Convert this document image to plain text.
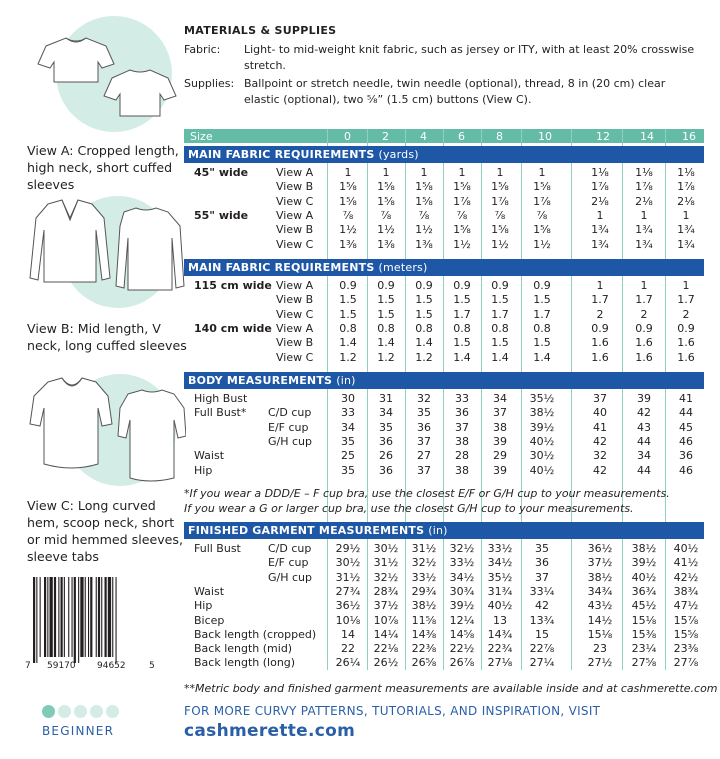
View A: Cropped length, high neck, short cuffed sleeves
View B: Mid length, V neck, long cuffed sleeves
View C: Long curved hem, scoop neck, short or mid hemmed sleeves, sleeve tabs
7 59170 94652	5
BEGINNER
MATERIALS & SUPPLIES
Fabric: Light- to mid-weight knit fabric, such as jersey or ITY, with at least 20% crosswise stretch.
Supplies: Ballpoint or stretch needle, twin needle (optional), thread, 8 in (20 cm) clear elastic (optional), two ⁵⁄₈” (1.5 cm) buttons (View C).
Size	0	2	4	6	8	10	12	14	16
MAIN FABRIC REQUIREMENTS (yards)
45" wide	View A	1	1	1	1	1	1	1⅛	1⅛	1⅛
View B	1⅝	1⅝	1⅝	1⅝	1⅝	1⅝	1⅞	1⅞	1⅞
View C	1⅝	1⅝	1⅝	1⅞	1⅞	1⅞	2⅛	2⅛	2⅛
55" wide	View A	⅞	⅞	⅞	⅞	⅞	⅞	1	1	1
View B	1½	1½	1½	1⅝	1⅝	1⅝	1¾	1¾	1¾
View C	1⅜	1⅜	1⅜	1½	1½	1½	1¾	1¾	1¾
MAIN FABRIC REQUIREMENTS (meters)
115 cm wide View A	0.9	0.9	0.9	0.9	0.9	0.9	1	1	1
View B	1.5	1.5	1.5	1.5	1.5	1.5	1.7	1.7	1.7
View C	1.5	1.5	1.5	1.7	1.7	1.7	2	2	2
140 cm wide View A	0.8	0.8	0.8	0.8	0.8	0.8	0.9	0.9	0.9
View B	1.4	1.4	1.4	1.5	1.5	1.5	1.6	1.6	1.6
View C	1.2	1.2	1.2	1.4	1.4	1.4	1.6	1.6	1.6
BODY MEASUREMENTS (in)
High Bust	30	31	32	33	34	35½	37	39	41
Full Bust* C/D cup	33	34	35	36	37	38½	40	42	44
E/F cup	34	35	36	37	38	39½	41	43	45
G/H cup	35	36	37	38	39	40½	42	44	46
Waist	25	26	27	28	29	30½	32	34	36
Hip	35	36	37	38	39	40½	42	44	46
FINISHED GARMENT MEASUREMENTS (in)
Full Bust C/D cup 29½ 30½ 31½ 32½ 33½	35	36½ 38½ 40½
E/F cup 30½ 31½ 32½ 33½ 34½	36	37½ 39½ 41½
G/H cup 31½ 32½ 33½ 34½ 35½	37	38½ 40½ 42½
Waist	27¾ 28¾ 29¾ 30¾ 31¾ 33¼	34¾ 36¾ 38¾
Hip	36½ 37½ 38½ 39½ 40½	42	43½ 45½ 47½
Bicep	10⅛ 10⅞ 11⅝ 12¼	13	13¾	14½ 15⅛ 15⅞
Back length (cropped)	14	14¼ 14⅜ 14⅝ 14¾	15	15⅛ 15⅜ 15⅝
Back length (mid)	22	22⅛ 22⅜ 22½ 22¾ 22⅞	23	23¼ 23⅜
Back length (long)	26¼ 26½ 26⅝ 26⅞ 27⅛ 27¼	27½ 27⅝ 27⅞
*If you wear a DDD/E – F cup bra, use the closest E/F or G/H cup to your measurements.
If you wear a G or larger cup bra, use the closest G/H cup to your measurements.
**Metric body and finished garment measurements are available inside and at cashmerette.com
FOR MORE CURVY PATTERNS, TUTORIALS, AND INSPIRATION, VISIT
cashmerette.com
